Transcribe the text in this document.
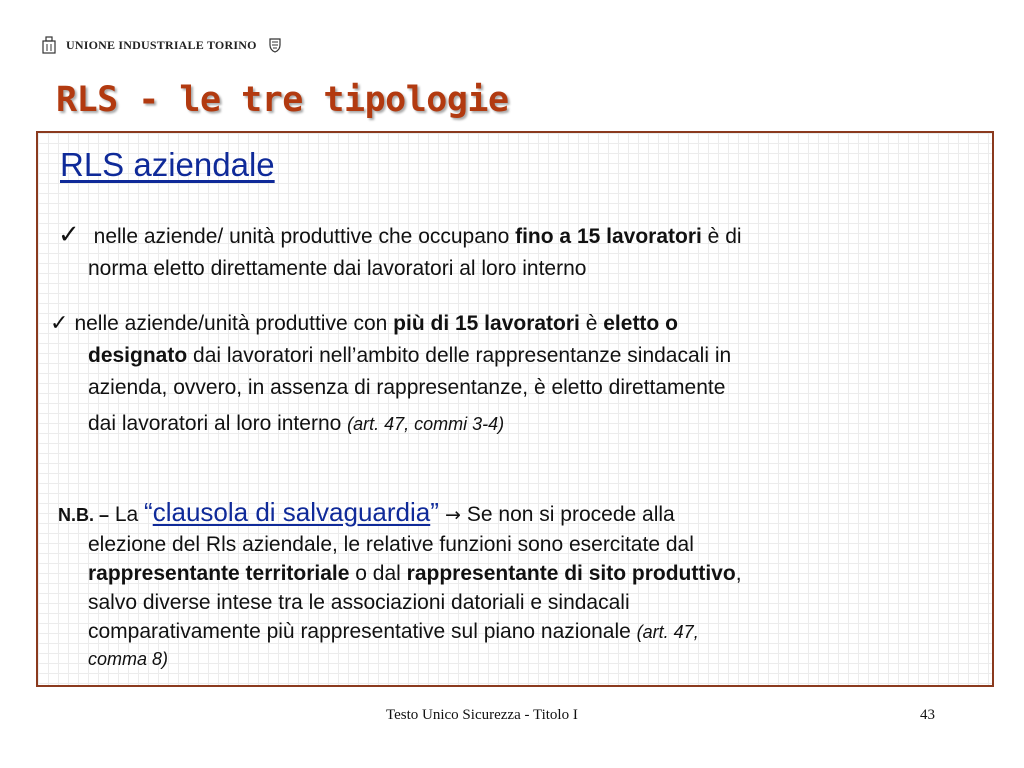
UNIONE INDUSTRIALE TORINO
RLS - le tre tipologie
RLS aziendale
✓ nelle aziende/ unità produttive che occupano fino a 15 lavoratori è di
norma eletto direttamente dai lavoratori al loro interno
✓ nelle aziende/unità produttive con più di 15 lavoratori è eletto o
designato dai lavoratori nell’ambito delle rappresentanze sindacali in
azienda, ovvero, in assenza di rappresentanze, è eletto direttamente
dai lavoratori al loro interno (art. 47, commi 3-4)
N.B. – La “clausola di salvaguardia” → Se non si procede alla
elezione del Rls aziendale, le relative funzioni sono esercitate dal
rappresentante territoriale o dal rappresentante di sito produttivo,
salvo diverse intese tra le associazioni datoriali e sindacali
comparativamente più rappresentative sul piano nazionale (art. 47,
comma 8)
Testo Unico Sicurezza - Titolo I	43
